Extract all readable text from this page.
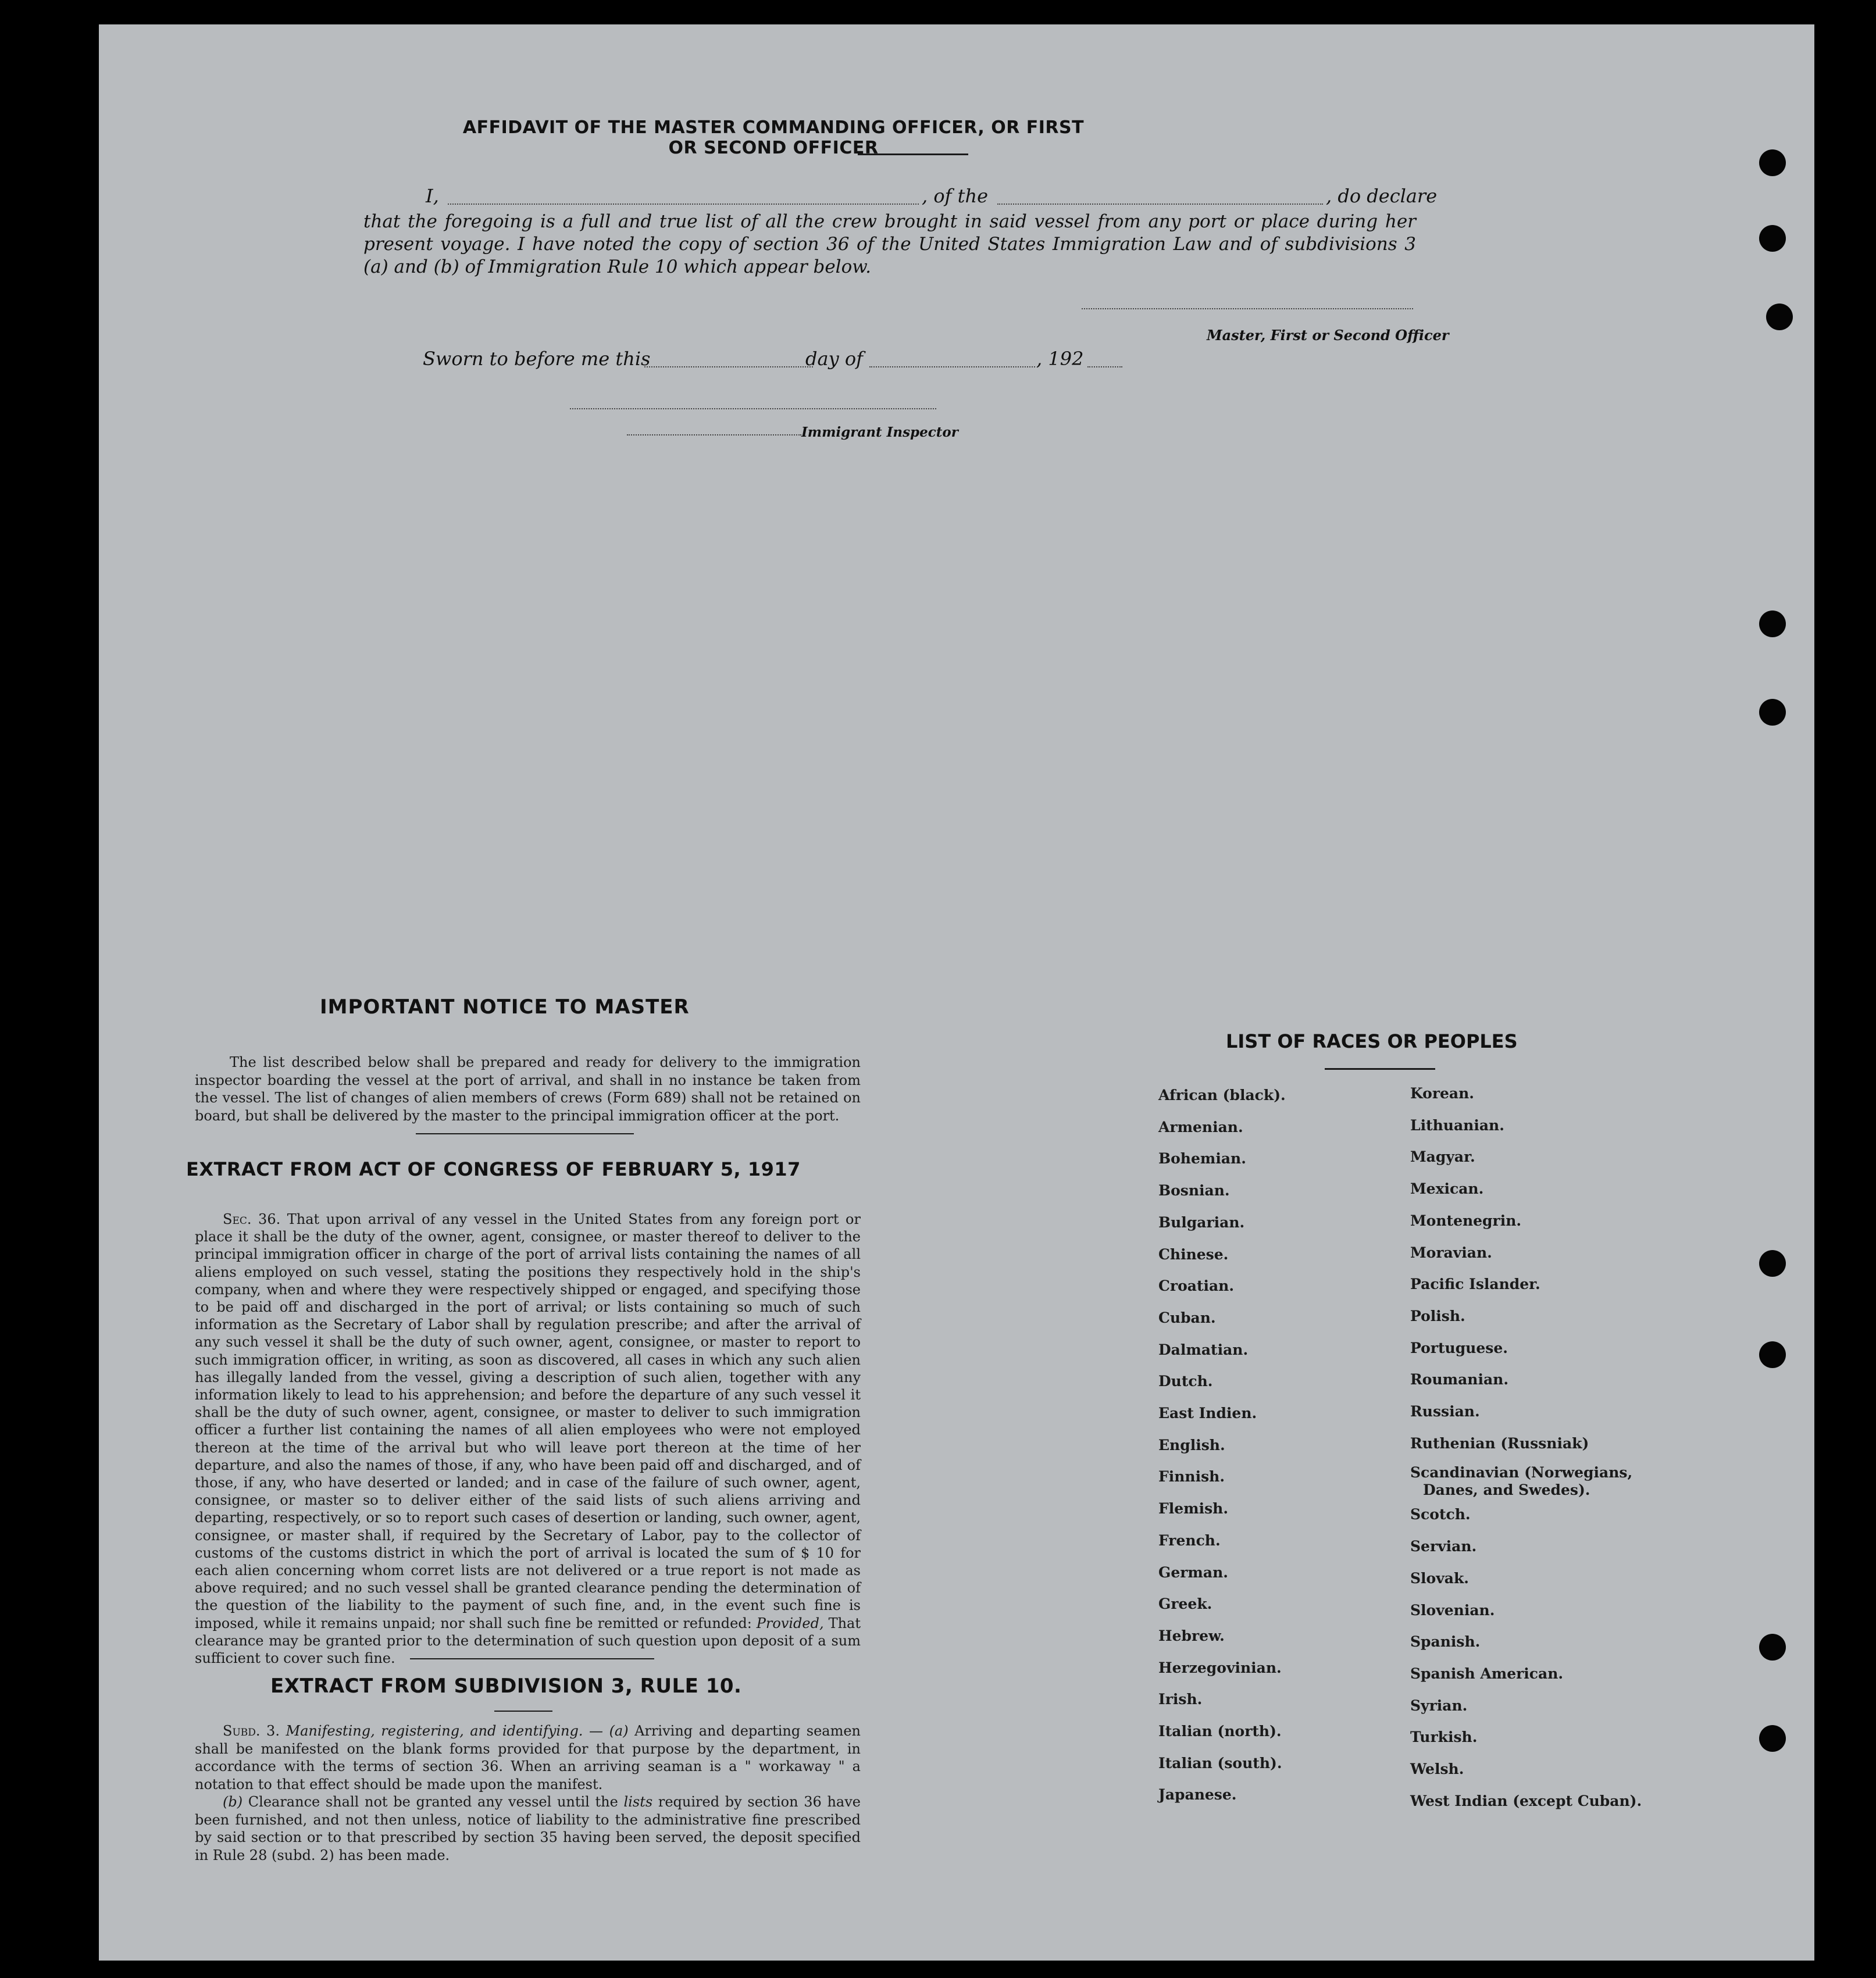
AFFIDAVIT OF THE MASTER COMMANDING OFFICER, OR FIRST OR SECOND OFFICER
I,	, of the	, do declare
that the foregoing is a full and true list of all the crew brought in said vessel from any port or place during her present voyage. I have noted the copy of section 36 of the United States Immigration Law and of subdivisions 3 (a) and (b) of Immigration Rule 10 which appear below.
Master, First or Second Officer
Sworn to before me this	day of	, 192
Immigrant Inspector
IMPORTANT NOTICE TO MASTER
The list described below shall be prepared and ready for delivery to the immigration inspector boarding the vessel at the port of arrival, and shall in no instance be taken from the vessel. The list of changes of alien members of crews (Form 689) shall not be retained on board, but shall be delivered by the master to the principal immigration officer at the port.
EXTRACT FROM ACT OF CONGRESS OF FEBRUARY 5, 1917
Sec. 36. That upon arrival of any vessel in the United States from any foreign port or place it shall be the duty of the owner, agent, consignee, or master thereof to deliver to the principal immigration officer in charge of the port of arrival lists containing the names of all aliens employed on such vessel, stating the positions they respectively hold in the ship's company, when and where they were respectively shipped or engaged, and specifying those to be paid off and discharged in the port of arrival; or lists containing so much of such information as the Secretary of Labor shall by regulation prescribe; and after the arrival of any such vessel it shall be the duty of such owner, agent, consignee, or master to report to such immigration officer, in writing, as soon as discovered, all cases in which any such alien has illegally landed from the vessel, giving a description of such alien, together with any information likely to lead to his apprehension; and before the departure of any such vessel it shall be the duty of such owner, agent, consignee, or master to deliver to such immigration officer a further list containing the names of all alien employees who were not employed thereon at the time of the arrival but who will leave port thereon at the time of her departure, and also the names of those, if any, who have been paid off and discharged, and of those, if any, who have deserted or landed; and in case of the failure of such owner, agent, consignee, or master so to deliver either of the said lists of such aliens arriving and departing, respectively, or so to report such cases of desertion or landing, such owner, agent, consignee, or master shall, if required by the Secretary of Labor, pay to the collector of customs of the customs district in which the port of arrival is located the sum of $ 10 for each alien concerning whom corret lists are not delivered or a true report is not made as above required; and no such vessel shall be granted clearance pending the determination of the question of the liability to the payment of such fine, and, in the event such fine is imposed, while it remains unpaid; nor shall such fine be remitted or refunded: Provided, That clearance may be granted prior to the determination of such question upon deposit of a sum sufficient to cover such fine.
EXTRACT FROM SUBDIVISION 3, RULE 10.
Subd. 3. Manifesting, registering, and identifying. — (a) Arriving and departing seamen shall be manifested on the blank forms provided for that purpose by the department, in accordance with the terms of section 36. When an arriving seaman is a " workaway " a notation to that effect should be made upon the manifest.
(b) Clearance shall not be granted any vessel until the lists required by section 36 have been furnished, and not then unless, notice of liability to the administrative fine prescribed by said section or to that prescribed by section 35 having been served, the deposit specified in Rule 28 (subd. 2) has been made.
LIST OF RACES OR PEOPLES
African (black).
Armenian.
Bohemian.
Bosnian.
Bulgarian.
Chinese.
Croatian.
Cuban.
Dalmatian.
Dutch.
East Indien.
English.
Finnish.
Flemish.
French.
German.
Greek.
Hebrew.
Herzegovinian.
Irish.
Italian (north).
Italian (south).
Japanese.
Korean.
Lithuanian.
Magyar.
Mexican.
Montenegrin.
Moravian.
Pacific Islander.
Polish.
Portuguese.
Roumanian.
Russian.
Ruthenian (Russniak)
Scandinavian (Norwegians,
Danes, and Swedes).
Scotch.
Servian.
Slovak.
Slovenian.
Spanish.
Spanish American.
Syrian.
Turkish.
Welsh.
West Indian (except Cuban).
